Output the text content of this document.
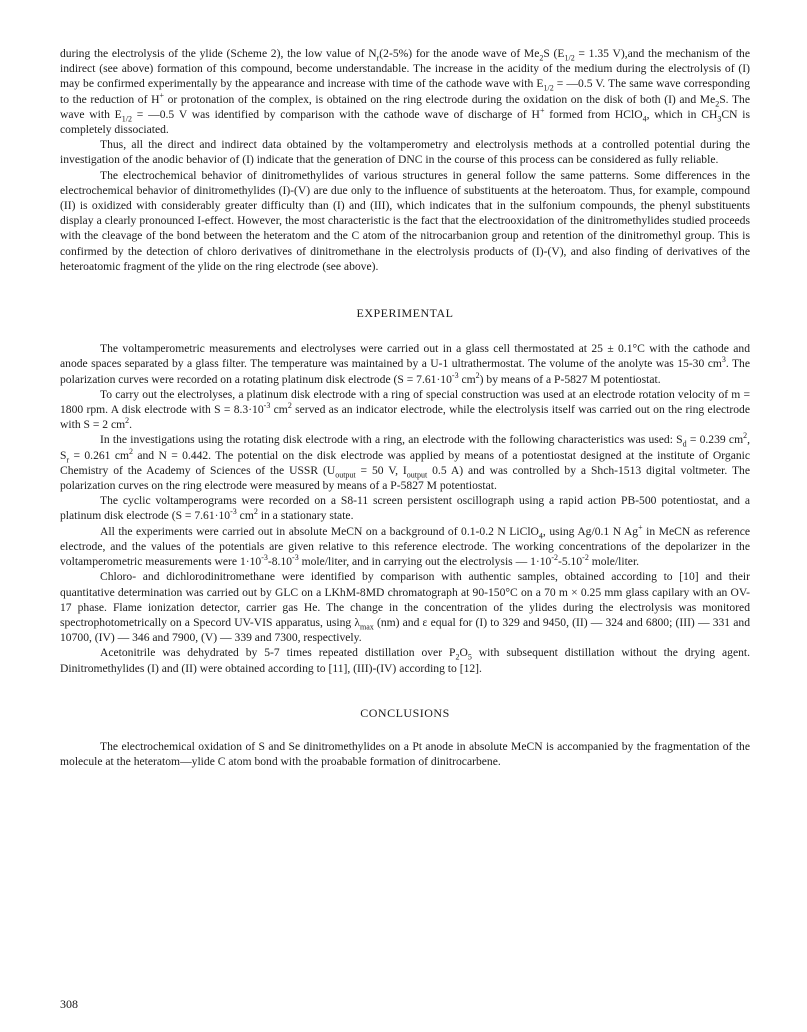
during the electrolysis of the ylide (Scheme 2), the low value of $N_r(2-5\%)$ for the anode wave of $Me_2S$ ($E_{1/2} = 1.35$ V),and the mechanism of the indirect (see above) formation of this compound, become understandable. The increase in the acidity of the medium during the electrolysis of (I) may be confirmed experimentally by the appearance and increase with time of the cathode wave with $E_{1/2}$ = —0.5 V. The same wave corresponding to the reduction of H+ or protonation of the complex, is obtained on the ring electrode during the oxidation on the disk of both (I) and $Me_2S$. The wave with $E_{1/2}$ = —0.5 V was identified by comparison with the cathode wave of discharge of H+ formed from HClO$_4$, which in $CH_3CN$ is completely dissociated.

Thus, all the direct and indirect data obtained by the voltamperometry and electrolysis methods at a controlled potential during the investigation of the anodic behavior of (I) indicate that the generation of DNC in the course of this process can be considered as fully reliable.

The electrochemical behavior of dinitromethylides of various structures in general follow the same patterns. Some differences in the electrochemical behavior of dinitromethylides (I)-(V) are due only to the influence of substituents at the heteroatom. Thus, for example, compound (II) is oxidized with considerably greater difficulty than (I) and (III), which indicates that in the sulfonium compounds, the phenyl substituents display a clearly pronounced I-effect. However, the most characteristic is the fact that the electrooxidation of the dinitromethylides studied proceeds with the cleavage of the bond between the heteratom and the C atom of the nitrocarbanion group and retention of the dinitromethyl group. This is confirmed by the detection of chloro derivatives of dinitromethane in the electrolysis products of (I)-(V), and also finding of derivatives of the heteroatomic fragment of the ylide on the ring electrode (see above).

EXPERIMENTAL

The voltamperometric measurements and electrolyses were carried out in a glass cell thermostated at 25 ± 0.1°C with the cathode and anode spaces separated by a glass filter. The temperature was maintained by a U-1 ultrathermostat. The volume of the anolyte was 15-30 $cm^3$. The polarization curves were recorded on a rotating platinum disk electrode ($S = 7.61\cdot 10^{-3}$ $cm^2$) by means of a P-5827 M potentiostat.

To carry out the electrolyses, a platinum disk electrode with a ring of special construction was used at an electrode rotation velocity of m = 1800 rpm. A disk electrode with $S = 8.3\cdot 10^{-3}$ $cm^2$ served as an indicator electrode, while the electrolysis itself was carried out on the ring electrode with S = 2 $cm^2$.

In the investigations using the rotating disk electrode with a ring, an electrode with the following characteristics was used: $S_d = 0.239$ $cm^2$, $S_r = 0.261$ $cm^2$ and N = 0.442. The potential on the disk electrode was applied by means of a potentiostat designed at the institute of Organic Chemistry of the Academy of Sciences of the USSR ($U_{output} = 50$ V, $I_{output}$ 0.5 A) and was controlled by a Shch-1513 digital voltmeter. The polarization curves on the ring electrode were measured by means of a P-5827 M potentiostat.

The cyclic voltamperograms were recorded on a S8-11 screen persistent oscillograph using a rapid action PB-500 potentiostat, and a platinum disk electrode ($S = 7.61\cdot 10^{-3}$ $cm^2$ in a stationary state.

All the experiments were carried out in absolute MeCN on a background of 0.1-0.2 N LiClO$_4$, using Ag/0.1 N Ag+ in MeCN as reference electrode, and the values of the potentials are given relative to this reference electrode. The working concentrations of the depolarizer in the voltamperometric measurements were $1\cdot 10^{-3}-8.10^{-3}$ mole/liter, and in carrying out the electrolysis — $1\cdot 10^{-2}-5.10^{-2}$ mole/liter.

Chloro- and dichlorodinitromethane were identified by comparison with authentic samples, obtained according to [10] and their quantitative determination was carried out by GLC on a LKhM-8MD chromatograph at 90-150°C on a 70 m × 0.25 mm glass capilary with an OV-17 phase. Flame ionization detector, carrier gas He. The change in the concentration of the ylides during the electrolysis was monitored spectrophotometrically on a Specord UV-VIS apparatus, using $\lambda_{max}$ (nm) and ε equal for (I) to 329 and 9450, (II) — 324 and 6800; (III) — 331 and 10700, (IV) — 346 and 7900, (V) — 339 and 7300, respectively.

Acetonitrile was dehydrated by 5-7 times repeated distillation over $P_2O_5$ with subsequent distillation without the drying agent. Dinitromethylides (I) and (II) were obtained according to [11], (III)-(IV) according to [12].

CONCLUSIONS

The electrochemical oxidation of S and Se dinitromethylides on a Pt anode in absolute MeCN is accompanied by the fragmentation of the molecule at the heteratom—ylide C atom bond with the proabable formation of dinitrocarbene.

308
